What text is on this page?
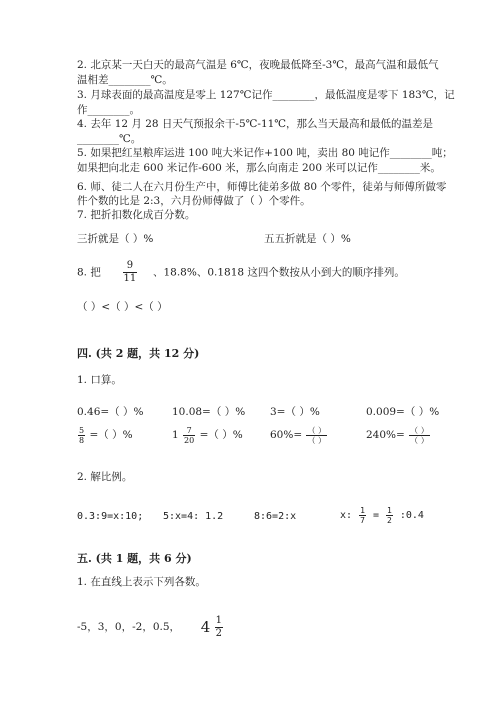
2. 北京某一天白天的最高气温是 6℃，夜晚最低降至-3℃，最高气温和最低气
温相差________℃。
3. 月球表面的最高温度是零上 127℃记作________，最低温度是零下 183℃，记
作________。
4. 去年 12 月 28 日天气预报余干-5℃-11℃，那么当天最高和最低的温差是
________℃。
5. 如果把红星粮库运进 100 吨大米记作+100 吨，卖出 80 吨记作________吨；
如果把向北走 600 米记作-600 米，那么向南走 200 米可以记作________米。
6. 师、徒二人在六月份生产中，师傅比徒弟多做 80 个零件，徒弟与师傅所做零
件个数的比是 2:3，六月份师傅做了（ ）个零件。
7. 把折扣数化成百分数。
三折就是（ ）%	五五折就是（ ）%
8. 把 $\frac{9}{11}$ 、18.8%、0.1818 这四个数按从小到大的顺序排列。
（ ）<（ ）<（ ）
四. (共 2 题，共 12 分)
1. 口算。
0.46=（ ）%	10.08=（ ）% 3=（ ）%	0.009=（ ）%
$\frac{5}{8}$ =（ ）%	$1 \frac{7}{20}$ =（ ）%	$60\%= \frac{( )}{( )}$	$240\%= \frac{( )}{( )}$
2. 解比例。
0.3:9=x:10; 5:x=4: 1.2	8:6=2:x	x: $\frac{1}{7} = \frac{1}{2}$ :0.4
五. (共 1 题，共 6 分)
1. 在直线上表示下列各数。
-5，3，0，-2，0.5， $4 \frac{1}{2}$
